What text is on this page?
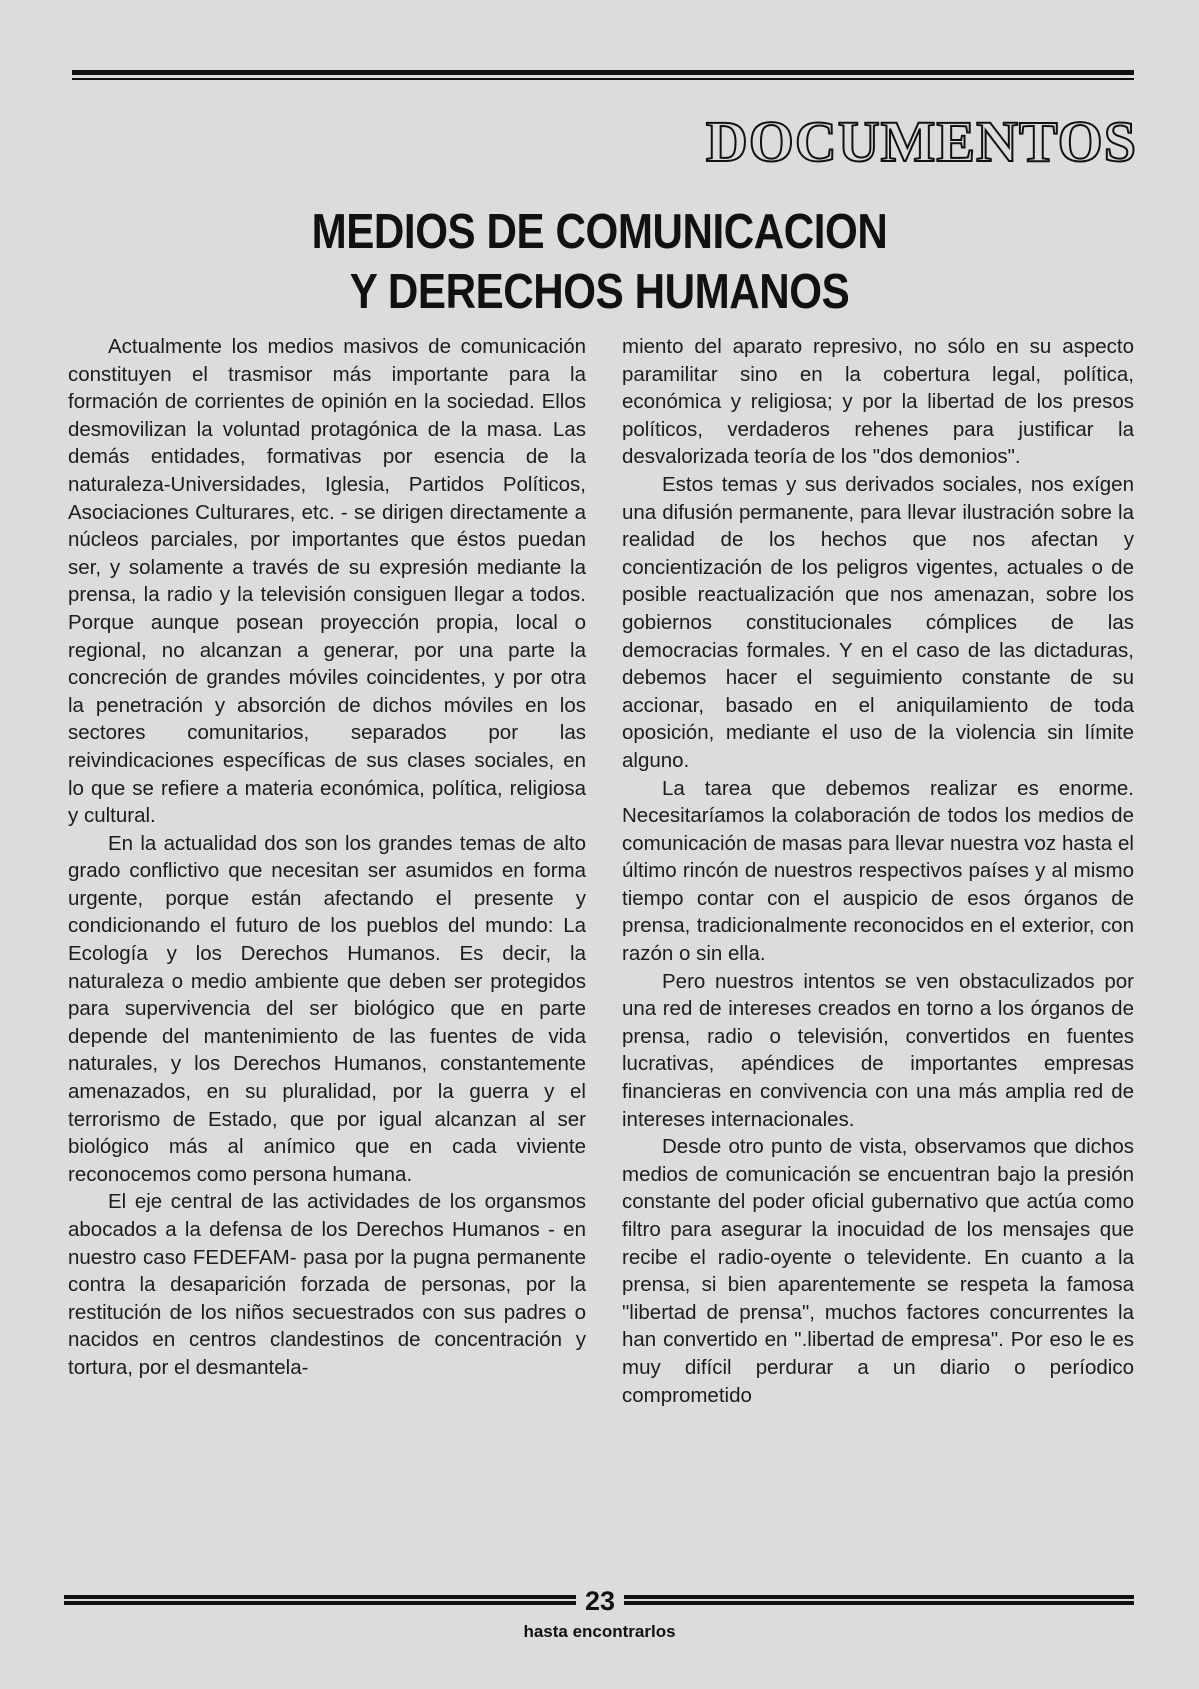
DOCUMENTOS
MEDIOS DE COMUNICACION
Y DERECHOS HUMANOS

Actualmente los medios masivos de comunicación constituyen el trasmisor más importante para la formación de corrientes de opinión en la sociedad. Ellos desmovilizan la voluntad protagónica de la masa. Las demás entidades, formativas por esencia de la naturaleza-Universidades, Iglesia, Partidos Políticos, Asociaciones Culturares, etc. - se dirigen directamente a núcleos parciales, por importantes que éstos puedan ser, y solamente a través de su expresión mediante la prensa, la radio y la televisión consiguen llegar a todos. Porque aunque posean proyección propia, local o regional, no alcanzan a generar, por una parte la concreción de grandes móviles coincidentes, y por otra la penetración y absorción de dichos móviles en los sectores comunitarios, separados por las reivindicaciones específicas de sus clases sociales, en lo que se refiere a materia económica, política, religiosa y cultural.

En la actualidad dos son los grandes temas de alto grado conflictivo que necesitan ser asumidos en forma urgente, porque están afectando el presente y condicionando el futuro de los pueblos del mundo: La Ecología y los Derechos Humanos. Es decir, la naturaleza o medio ambiente que deben ser protegidos para supervivencia del ser biológico que en parte depende del mantenimiento de las fuentes de vida naturales, y los Derechos Humanos, constantemente amenazados, en su pluralidad, por la guerra y el terrorismo de Estado, que por igual alcanzan al ser biológico más al anímico que en cada viviente reconocemos como persona humana.

El eje central de las actividades de los organsmos abocados a la defensa de los Derechos Humanos - en nuestro caso FEDEFAM- pasa por la pugna permanente contra la desaparición forzada de personas, por la restitución de los niños secuestrados con sus padres o nacidos en centros clandestinos de concentración y tortura, por el desmantela-

miento del aparato represivo, no sólo en su aspecto paramilitar sino en la cobertura legal, política, económica y religiosa; y por la libertad de los presos políticos, verdaderos rehenes para justificar la desvalorizada teoría de los "dos demonios".

Estos temas y sus derivados sociales, nos exígen una difusión permanente, para llevar ilustración sobre la realidad de los hechos que nos afectan y concientización de los peligros vigentes, actuales o de posible reactualización que nos amenazan, sobre los gobiernos constitucionales cómplices de las democracias formales. Y en el caso de las dictaduras, debemos hacer el seguimiento constante de su accionar, basado en el aniquilamiento de toda oposición, mediante el uso de la violencia sin límite alguno.

La tarea que debemos realizar es enorme. Necesitaríamos la colaboración de todos los medios de comunicación de masas para llevar nuestra voz hasta el último rincón de nuestros respectivos países y al mismo tiempo contar con el auspicio de esos órganos de prensa, tradicionalmente reconocidos en el exterior, con razón o sin ella.

Pero nuestros intentos se ven obstaculizados por una red de intereses creados en torno a los órganos de prensa, radio o televisión, convertidos en fuentes lucrativas, apéndices de importantes empresas financieras en convivencia con una más amplia red de intereses internacionales.

Desde otro punto de vista, observamos que dichos medios de comunicación se encuentran bajo la presión constante del poder oficial gubernativo que actúa como filtro para asegurar la inocuidad de los mensajes que recibe el radio-oyente o televidente. En cuanto a la prensa, si bien aparentemente se respeta la famosa "libertad de prensa", muchos factores concurrentes la han convertido en ".libertad de empresa". Por eso le es muy difícil perdurar a un diario o períodico comprometido

23
hasta encontrarlos
